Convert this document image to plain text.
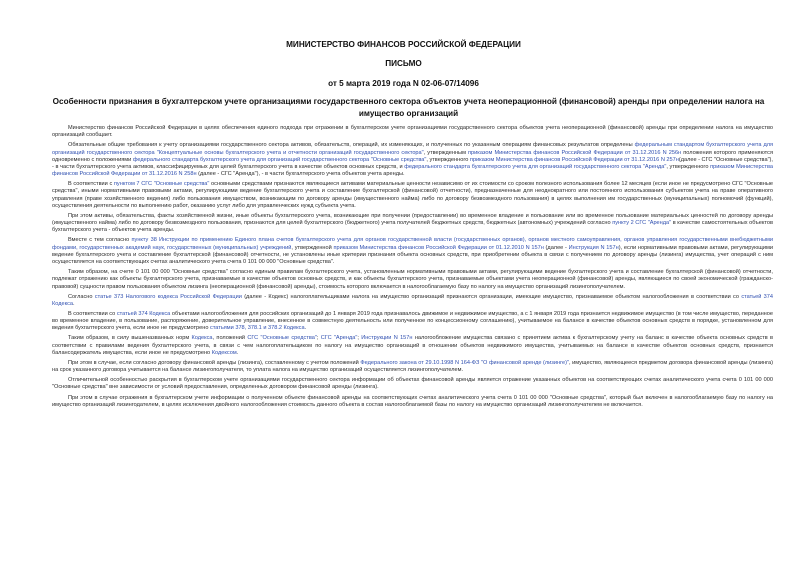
МИНИСТЕРСТВО ФИНАНСОВ РОССИЙСКОЙ ФЕДЕРАЦИИ
ПИСЬМО
от 5 марта 2019 года N 02-06-07/14096
Особенности признания в бухгалтерском учете организациями государственного сектора объектов учета неоперационной (финансовой) аренды при определении налога на имущество организаций

Министерство финансов Российской Федерации в целях обеспечения единого подхода при отражении в бухгалтерском учете организациями государственного сектора объектов учета неоперационной (финансовой) аренды при определении налога на имущество организаций сообщает.

Обязательные общие требования к учету организациями государственного сектора активов, обязательств, операций, их изменяющих, и полученных по указанным операциям финансовых результатов определены федеральным стандартом бухгалтерского учета для организаций государственного сектора "Концептуальные основы бухгалтерского учета и отчетности организаций государственного сектора", утвержденным приказом Министерства финансов Российской Федерации от 31.12.2016 N 256н положения которого применяются одновременно с положениями федерального стандарта бухгалтерского учета для организаций государственного сектора "Основные средства", утвержденного приказом Министерства финансов Российской Федерации от 31.12.2016 N 257н(далее - СГС "Основные средства"), - в части бухгалтерского учета активов, классифицируемых для целей бухгалтерского учета в качестве объектов основных средств, и федерального стандарта бухгалтерского учета для организаций государственного сектора "Аренда", утвержденного приказом Министерства финансов Российской Федерации от 31.12.2016 N 258н (далее - СГС "Аренда"), - в части бухгалтерского учета объектов учета аренды.

В соответствии с пунктом 7 СГС "Основные средства" основными средствами признаются являющиеся активами материальные ценности независимо от их стоимости со сроком полезного использования более 12 месяцев (если иное не предусмотрено СГС "Основные средства", иными нормативными правовыми актами, регулирующими ведение бухгалтерского учета и составление бухгалтерской (финансовой) отчетности), предназначенные для неоднократного или постоянного использования субъектом учета на праве оперативного управления (праве хозяйственного ведения) либо пользования имуществом, возникающим по договору аренды (имущественного найма) либо по договору безвозмездного пользования) в целях выполнения им государственных (муниципальных) полномочий (функций), осуществления деятельности по выполнению работ, оказанию услуг либо для управленческих нужд субъекта учета.

При этом активы, обязательства, факты хозяйственной жизни, иные объекты бухгалтерского учета, возникающие при получении (предоставлении) во временное владение и пользование или во временное пользование материальных ценностей по договору аренды (имущественного найма) либо по договору безвозмездного пользования, признаются для целей бухгалтерского (бюджетного) учета получателей бюджетных средств, бюджетных (автономных) учреждений согласно пункту 2 СГС "Аренда" в качестве самостоятельных объектов бухгалтерского учета - объектов учета аренды.

Вместе с тем согласно пункту 38 Инструкции по применению Единого плана счетов бухгалтерского учета для органов государственной власти (государственных органов), органов местного самоуправления, органов управления государственными внебюджетными фондами, государственных академий наук, государственных (муниципальных) учреждений, утвержденной приказом Министерства финансов Российской Федерации от 01.12.2010 N 157н (далее - Инструкция N 157н), если нормативными правовыми актами, регулирующими ведение бухгалтерского учета и составление бухгалтерской (финансовой) отчетности, не установлены иные критерии признания объекта основных средств, при приобретении объекта в связи с получением по договору аренды (лизинга) имущества, учет операций с ним осуществляется на соответствующих счетах аналитического учета счета 0 101 00 000 "Основные средства".

Таким образом, на счете 0 101 00 000 "Основные средства" согласно единым правилам бухгалтерского учета, установленным нормативными правовыми актами, регулирующими ведение бухгалтерского учета и составление бухгалтерской (финансовой) отчетности, подлежат отражению как объекты бухгалтерского учета, признаваемые в качестве объектов основных средств, и как объекты бухгалтерского учета, признаваемые объектами учета неоперационной (финансовой) аренды, являющиеся по своей экономической (гражданско-правовой) сущности правом пользования объектом лизинга (неоперационной (финансовой) аренды), стоимость которого включается в налогооблагаемую базу по налогу на имущество организаций лизингополучателем.

Согласно статье 373 Налогового кодекса Российской Федерации (далее - Кодекс) налогоплательщиками налога на имущество организаций признаются организации, имеющие имущество, признаваемое объектом налогообложения в соответствии со статьей 374 Кодекса.

В соответствии со статьей 374 Кодекса объектами налогообложения для российских организаций до 1 января 2019 года признавалось движимое и недвижимое имущество, а с 1 января 2019 года признается недвижимое имущество (в том числе имущество, переданное во временное владение, в пользование, распоряжение, доверительное управление, внесенное в совместную деятельность или полученное по концессионному соглашению), учитываемое на балансе в качестве объектов основных средств в порядке, установленном для ведения бухгалтерского учета, если иное не предусмотрено статьями 378, 378.1 и 378.2 Кодекса.

Таким образом, в силу вышеназванных норм Кодекса, положений СГС "Основные средства"; СГС "Аренда"; Инструкции N 157н налогообложение имущества связано с принятием актива к бухгалтерскому учету на баланс в качестве объекта основных средств в соответствии с правилами ведения бухгалтерского учета, в связи с чем налогоплательщиком по налогу на имущество организаций в отношении объектов недвижимого имущества, учитываемых на балансе в качестве объектов основных средств, признается балансодержатель имущества, если иное не предусмотрено Кодексом.

При этом в случае, если согласно договору финансовой аренды (лизинга), составленному с учетом положений Федерального закона от 29.10.1998 N 164-ФЗ "О финансовой аренде (лизинге)", имущество, являющееся предметом договора финансовой аренды (лизинга) на срок указанного договора учитывается на балансе лизингополучателя, то уплата налога на имущество организаций осуществляется лизингополучателем.

Отличительной особенностью раскрытия в бухгалтерском учете организациями государственного сектора информации об объектах финансовой аренды является отражение указанных объектов на соответствующих счетах аналитического учета счета 0 101 00 000 "Основные средства" вне зависимости от условий предоставления, определенных договором финансовой аренды (лизинга).

При этом в случае отражения в бухгалтерском учете информации о полученном объекте финансовой аренды на соответствующих счетах аналитического учета счета 0 101 00 000 "Основные средства", который был включен в налогооблагаемую базу по налогу на имущество организаций лизингодателем, в целях исключения двойного налогообложения стоимость данного объекта в состав налогооблагаемой базы по налогу на имущество организаций лизингополучателем не включается.
